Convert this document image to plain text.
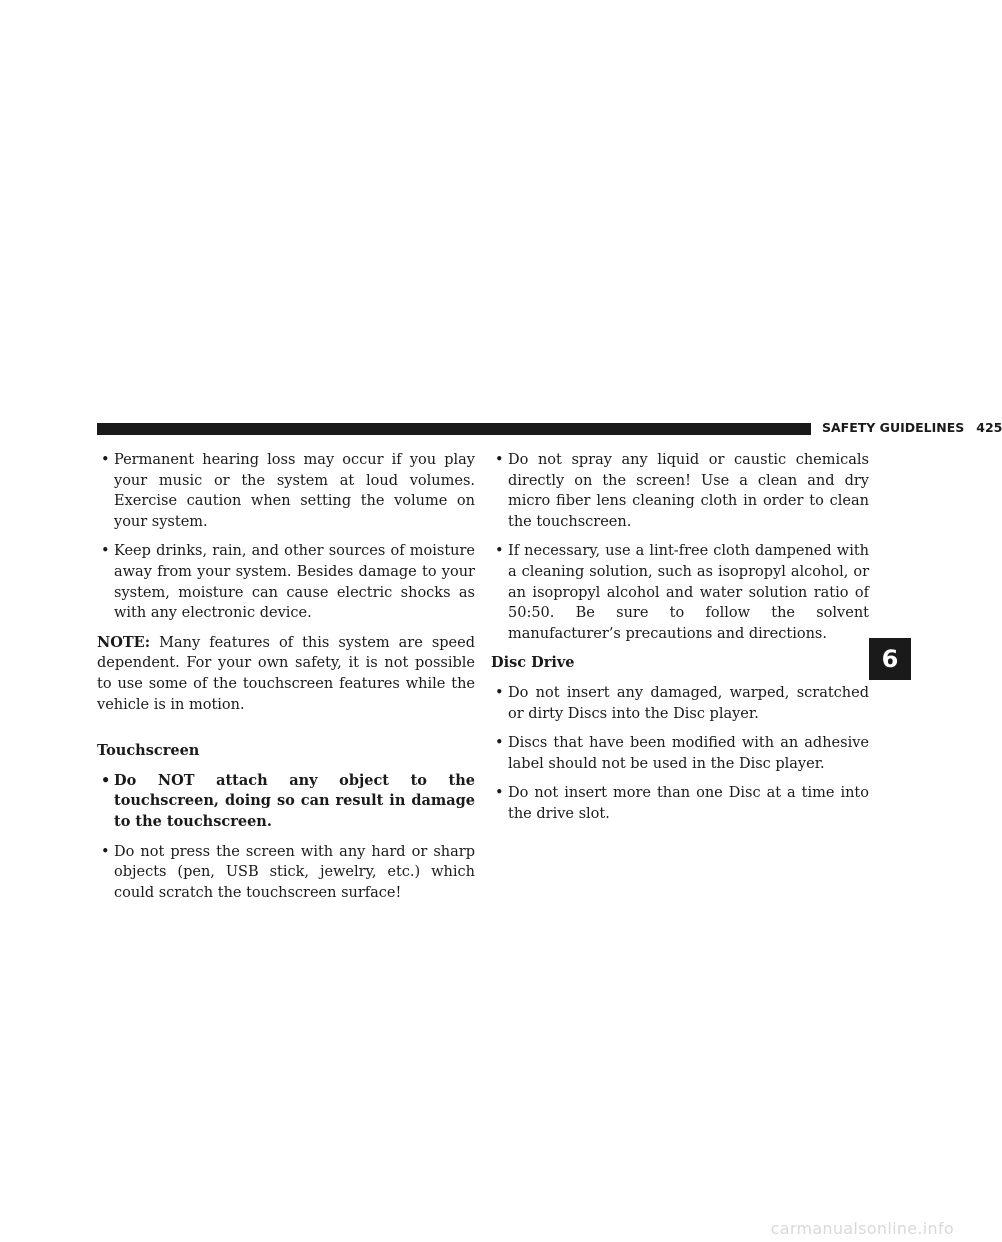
SAFETY GUIDELINES 425

• Permanent hearing loss may occur if you play your music or the system at loud volumes. Exercise caution when setting the volume on your system.

• Keep drinks, rain, and other sources of moisture away from your system. Besides damage to your system, moisture can cause electric shocks as with any electronic device.

NOTE: Many features of this system are speed dependent. For your own safety, it is not possible to use some of the touchscreen features while the vehicle is in motion.

Touchscreen

• Do NOT attach any object to the touchscreen, doing so can result in damage to the touchscreen.

• Do not press the screen with any hard or sharp objects (pen, USB stick, jewelry, etc.) which could scratch the touchscreen surface!

• Do not spray any liquid or caustic chemicals directly on the screen! Use a clean and dry micro fiber lens cleaning cloth in order to clean the touchscreen.

• If necessary, use a lint-free cloth dampened with a cleaning solution, such as isopropyl alcohol, or an isopropyl alcohol and water solution ratio of 50:50. Be sure to follow the solvent manufacturer’s precautions and directions.

Disc Drive

• Do not insert any damaged, warped, scratched or dirty Discs into the Disc player.

• Discs that have been modified with an adhesive label should not be used in the Disc player.

• Do not insert more than one Disc at a time into the drive slot.

6
carmanualsonline.info
